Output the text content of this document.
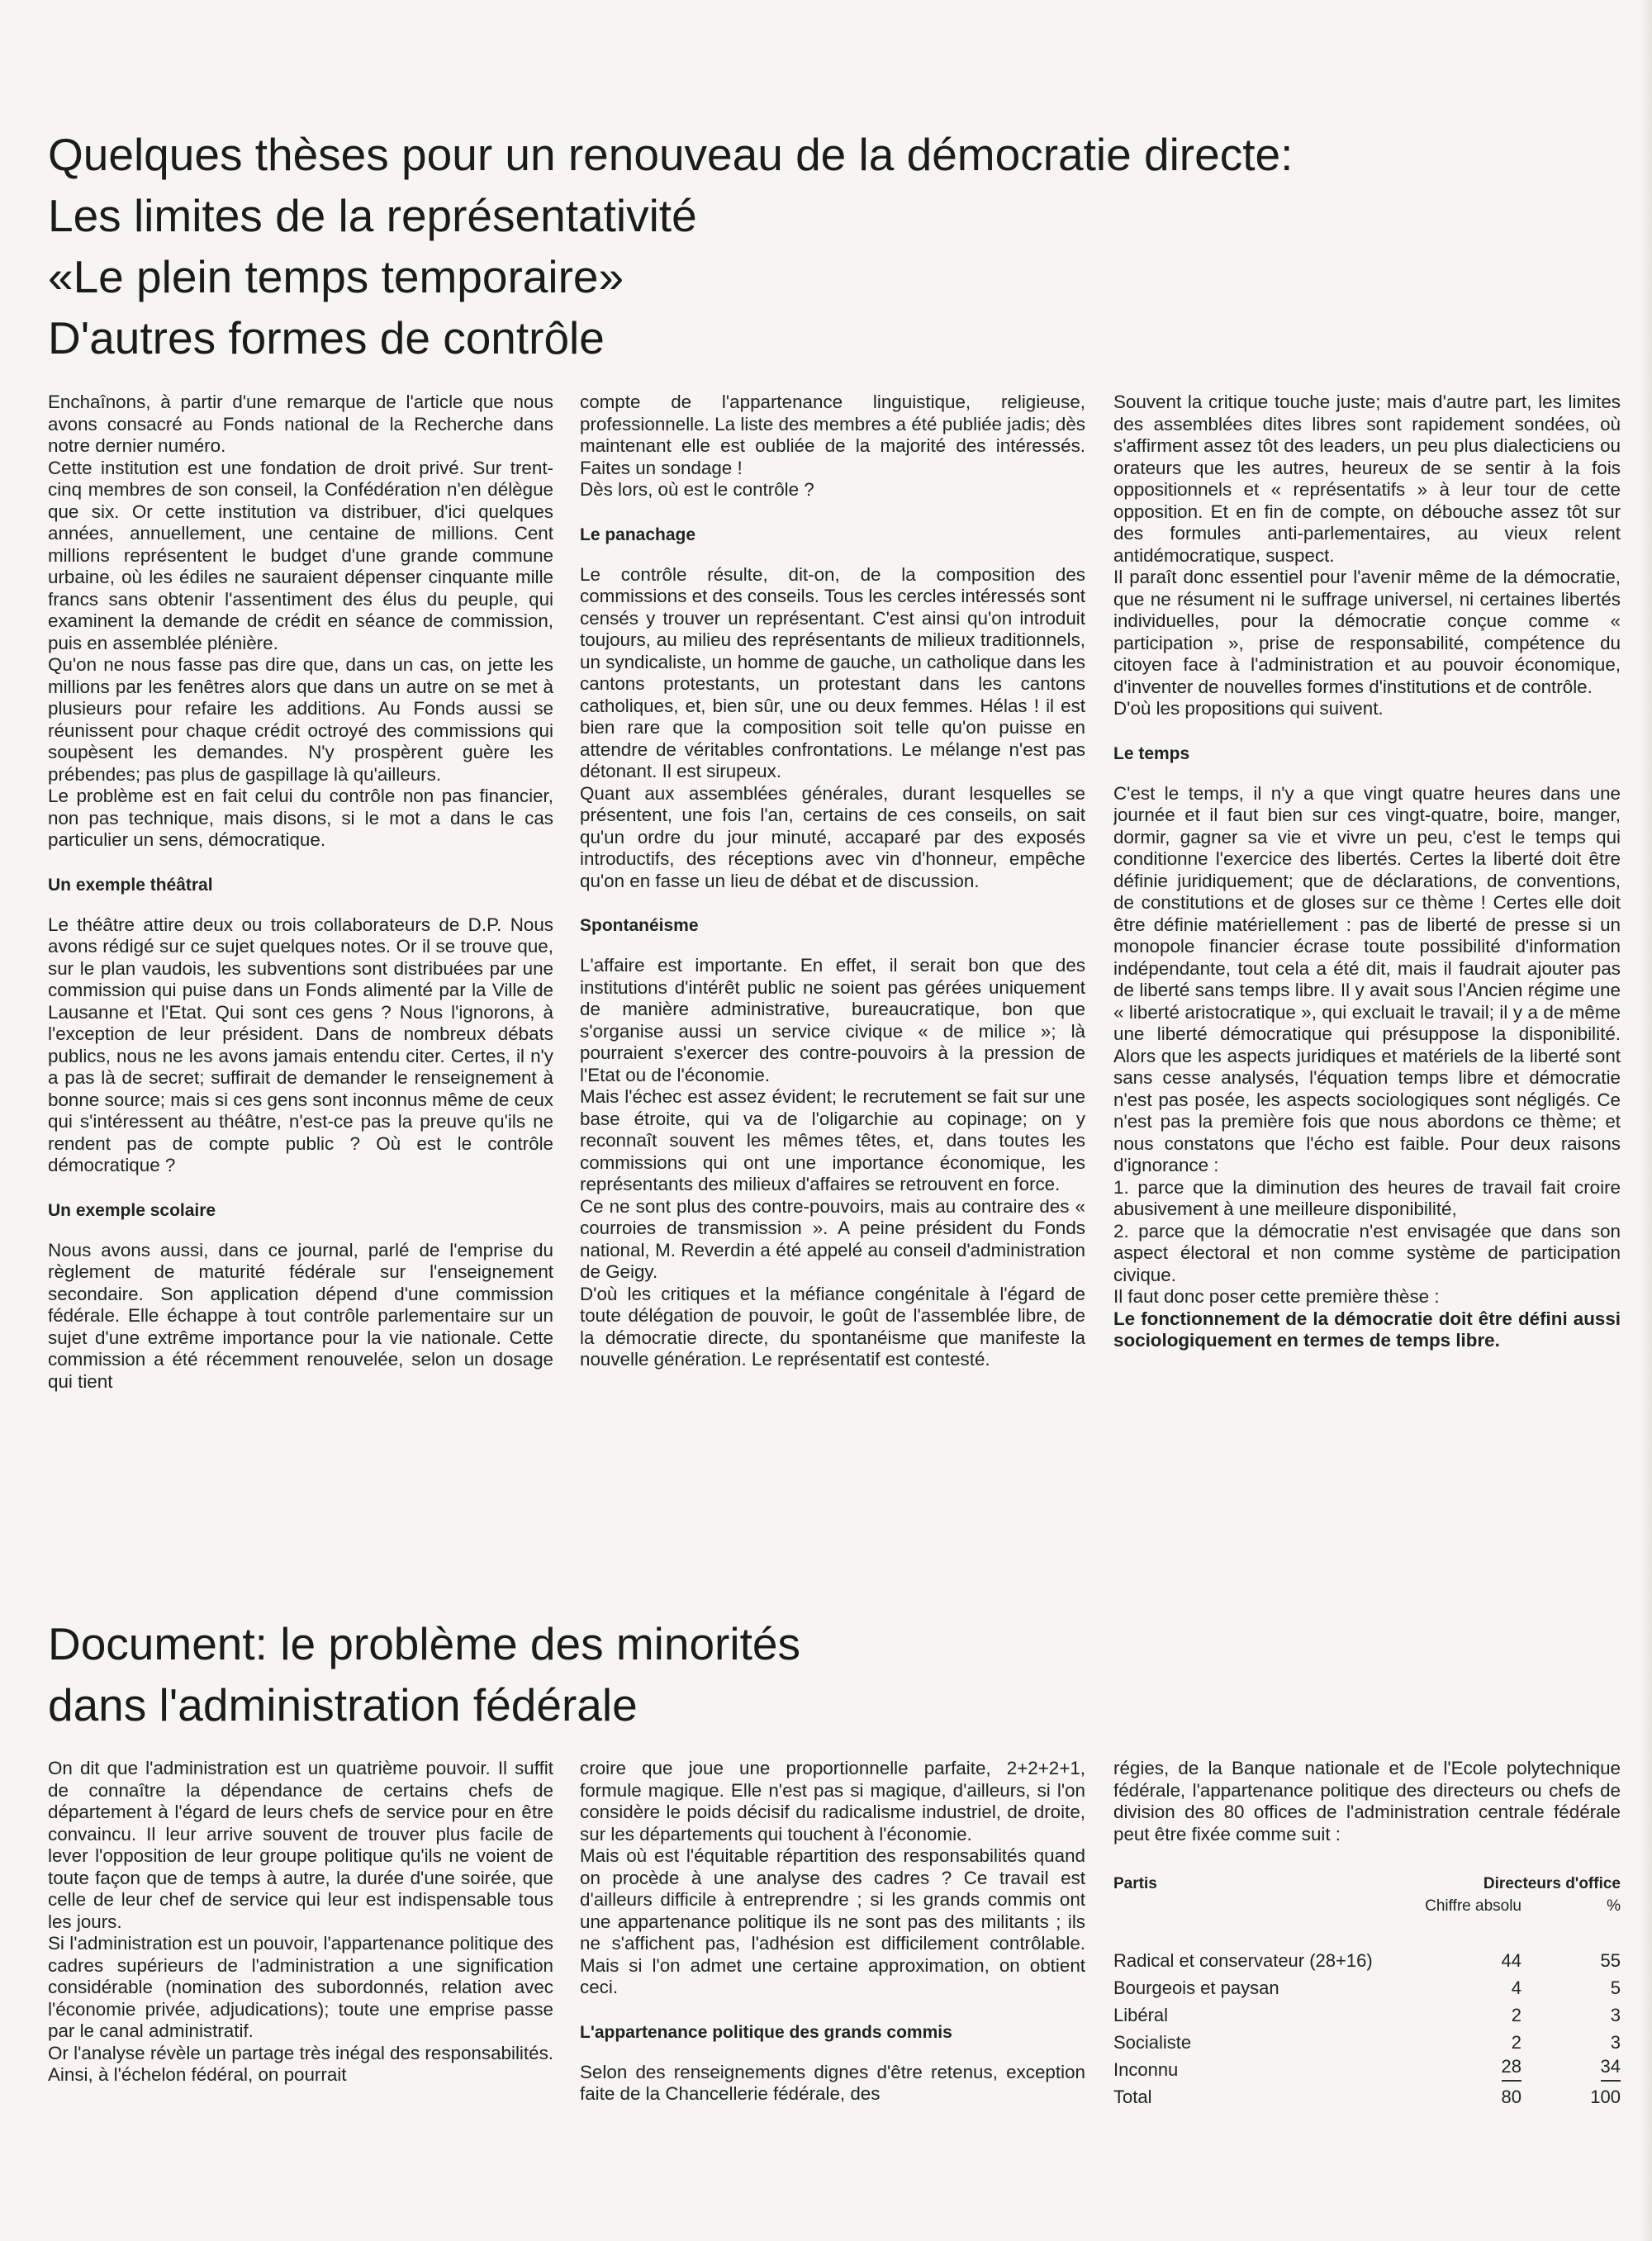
Quelques thèses pour un renouveau de la démocratie directe:
Les limites de la représentativité
«Le plein temps temporaire»
D'autres formes de contrôle

Enchaînons, à partir d'une remarque de l'article que nous avons consacré au Fonds national de la Recherche dans notre dernier numéro.

Cette institution est une fondation de droit privé. Sur trent-cinq membres de son conseil, la Confédération n'en délègue que six. Or cette institution va distribuer, d'ici quelques années, annuellement, une centaine de millions. Cent millions représentent le budget d'une grande commune urbaine, où les édiles ne sauraient dépenser cinquante mille francs sans obtenir l'assentiment des élus du peuple, qui examinent la demande de crédit en séance de commission, puis en assemblée plénière.

Qu'on ne nous fasse pas dire que, dans un cas, on jette les millions par les fenêtres alors que dans un autre on se met à plusieurs pour refaire les additions. Au Fonds aussi se réunissent pour chaque crédit octroyé des commissions qui soupèsent les demandes. N'y prospèrent guère les prébendes; pas plus de gaspillage là qu'ailleurs.

Le problème est en fait celui du contrôle non pas financier, non pas technique, mais disons, si le mot a dans le cas particulier un sens, démocratique.

Un exemple théâtral

Le théâtre attire deux ou trois collaborateurs de D.P. Nous avons rédigé sur ce sujet quelques notes. Or il se trouve que, sur le plan vaudois, les subventions sont distribuées par une commission qui puise dans un Fonds alimenté par la Ville de Lausanne et l'Etat. Qui sont ces gens ? Nous l'ignorons, à l'exception de leur président. Dans de nombreux débats publics, nous ne les avons jamais entendu citer. Certes, il n'y a pas là de secret; suffirait de demander le renseignement à bonne source; mais si ces gens sont inconnus même de ceux qui s'intéressent au théâtre, n'est-ce pas la preuve qu'ils ne rendent pas de compte public ? Où est le contrôle démocratique ?

Un exemple scolaire

Nous avons aussi, dans ce journal, parlé de l'emprise du règlement de maturité fédérale sur l'enseignement secondaire. Son application dépend d'une commission fédérale. Elle échappe à tout contrôle parlementaire sur un sujet d'une extrême importance pour la vie nationale. Cette commission a été récemment renouvelée, selon un dosage qui tient

compte de l'appartenance linguistique, religieuse, professionnelle. La liste des membres a été publiée jadis; dès maintenant elle est oubliée de la majorité des intéressés. Faites un sondage !

Dès lors, où est le contrôle ?

Le panachage

Le contrôle résulte, dit-on, de la composition des commissions et des conseils. Tous les cercles intéressés sont censés y trouver un représentant. C'est ainsi qu'on introduit toujours, au milieu des représentants de milieux traditionnels, un syndicaliste, un homme de gauche, un catholique dans les cantons protestants, un protestant dans les cantons catholiques, et, bien sûr, une ou deux femmes. Hélas ! il est bien rare que la composition soit telle qu'on puisse en attendre de véritables confrontations. Le mélange n'est pas détonant. Il est sirupeux.

Quant aux assemblées générales, durant lesquelles se présentent, une fois l'an, certains de ces conseils, on sait qu'un ordre du jour minuté, accaparé par des exposés introductifs, des réceptions avec vin d'honneur, empêche qu'on en fasse un lieu de débat et de discussion.

Spontanéisme

L'affaire est importante. En effet, il serait bon que des institutions d'intérêt public ne soient pas gérées uniquement de manière administrative, bureaucratique, bon que s'organise aussi un service civique « de milice »; là pourraient s'exercer des contre-pouvoirs à la pression de l'Etat ou de l'économie.

Mais l'échec est assez évident; le recrutement se fait sur une base étroite, qui va de l'oligarchie au copinage; on y reconnaît souvent les mêmes têtes, et, dans toutes les commissions qui ont une importance économique, les représentants des milieux d'affaires se retrouvent en force.

Ce ne sont plus des contre-pouvoirs, mais au contraire des « courroies de transmission ». A peine président du Fonds national, M. Reverdin a été appelé au conseil d'administration de Geigy.

D'où les critiques et la méfiance congénitale à l'égard de toute délégation de pouvoir, le goût de l'assemblée libre, de la démocratie directe, du spontanéisme que manifeste la nouvelle génération. Le représentatif est contesté.

Souvent la critique touche juste; mais d'autre part, les limites des assemblées dites libres sont rapidement sondées, où s'affirment assez tôt des leaders, un peu plus dialecticiens ou orateurs que les autres, heureux de se sentir à la fois oppositionnels et « représentatifs » à leur tour de cette opposition. Et en fin de compte, on débouche assez tôt sur des formules anti-parlementaires, au vieux relent antidémocratique, suspect.

Il paraît donc essentiel pour l'avenir même de la démocratie, que ne résument ni le suffrage universel, ni certaines libertés individuelles, pour la démocratie conçue comme « participation », prise de responsabilité, compétence du citoyen face à l'administration et au pouvoir économique, d'inventer de nouvelles formes d'institutions et de contrôle.

D'où les propositions qui suivent.

Le temps

C'est le temps, il n'y a que vingt quatre heures dans une journée et il faut bien sur ces vingt-quatre, boire, manger, dormir, gagner sa vie et vivre un peu, c'est le temps qui conditionne l'exercice des libertés. Certes la liberté doit être définie juridiquement; que de déclarations, de conventions, de constitutions et de gloses sur ce thème ! Certes elle doit être définie matériellement : pas de liberté de presse si un monopole financier écrase toute possibilité d'information indépendante, tout cela a été dit, mais il faudrait ajouter pas de liberté sans temps libre. Il y avait sous l'Ancien régime une « liberté aristocratique », qui excluait le travail; il y a de même une liberté démocratique qui présuppose la disponibilité. Alors que les aspects juridiques et matériels de la liberté sont sans cesse analysés, l'équation temps libre et démocratie n'est pas posée, les aspects sociologiques sont négligés. Ce n'est pas la première fois que nous abordons ce thème; et nous constatons que l'écho est faible. Pour deux raisons d'ignorance :

1. parce que la diminution des heures de travail fait croire abusivement à une meilleure disponibilité,

2. parce que la démocratie n'est envisagée que dans son aspect électoral et non comme système de participation civique.

Il faut donc poser cette première thèse :

Le fonctionnement de la démocratie doit être défini aussi sociologiquement en termes de temps libre.

Document: le problème des minorités
dans l'administration fédérale

On dit que l'administration est un quatrième pouvoir. Il suffit de connaître la dépendance de certains chefs de département à l'égard de leurs chefs de service pour en être convaincu. Il leur arrive souvent de trouver plus facile de lever l'opposition de leur groupe politique qu'ils ne voient de toute façon que de temps à autre, la durée d'une soirée, que celle de leur chef de service qui leur est indispensable tous les jours.

Si l'administration est un pouvoir, l'appartenance politique des cadres supérieurs de l'administration a une signification considérable (nomination des subordonnés, relation avec l'économie privée, adjudications); toute une emprise passe par le canal administratif.

Or l'analyse révèle un partage très inégal des responsabilités. Ainsi, à l'échelon fédéral, on pourrait

croire que joue une proportionnelle parfaite, 2+2+2+1, formule magique. Elle n'est pas si magique, d'ailleurs, si l'on considère le poids décisif du radicalisme industriel, de droite, sur les départements qui touchent à l'économie.

Mais où est l'équitable répartition des responsabilités quand on procède à une analyse des cadres ? Ce travail est d'ailleurs difficile à entreprendre ; si les grands commis ont une appartenance politique ils ne sont pas des militants ; ils ne s'affichent pas, l'adhésion est difficilement contrôlable. Mais si l'on admet une certaine approximation, on obtient ceci.

L'appartenance politique des grands commis

Selon des renseignements dignes d'être retenus, exception faite de la Chancellerie fédérale, des

régies, de la Banque nationale et de l'Ecole polytechnique fédérale, l'appartenance politique des directeurs ou chefs de division des 80 offices de l'administration centrale fédérale peut être fixée comme suit :

Partis	Directeurs d'office	
	Chiffre absolu	%

Radical et conservateur (28+16)	44	55
Bourgeois et paysan	4	5
Libéral	2	3
Socialiste	2	3
Inconnu	28	34
Total	80	100
